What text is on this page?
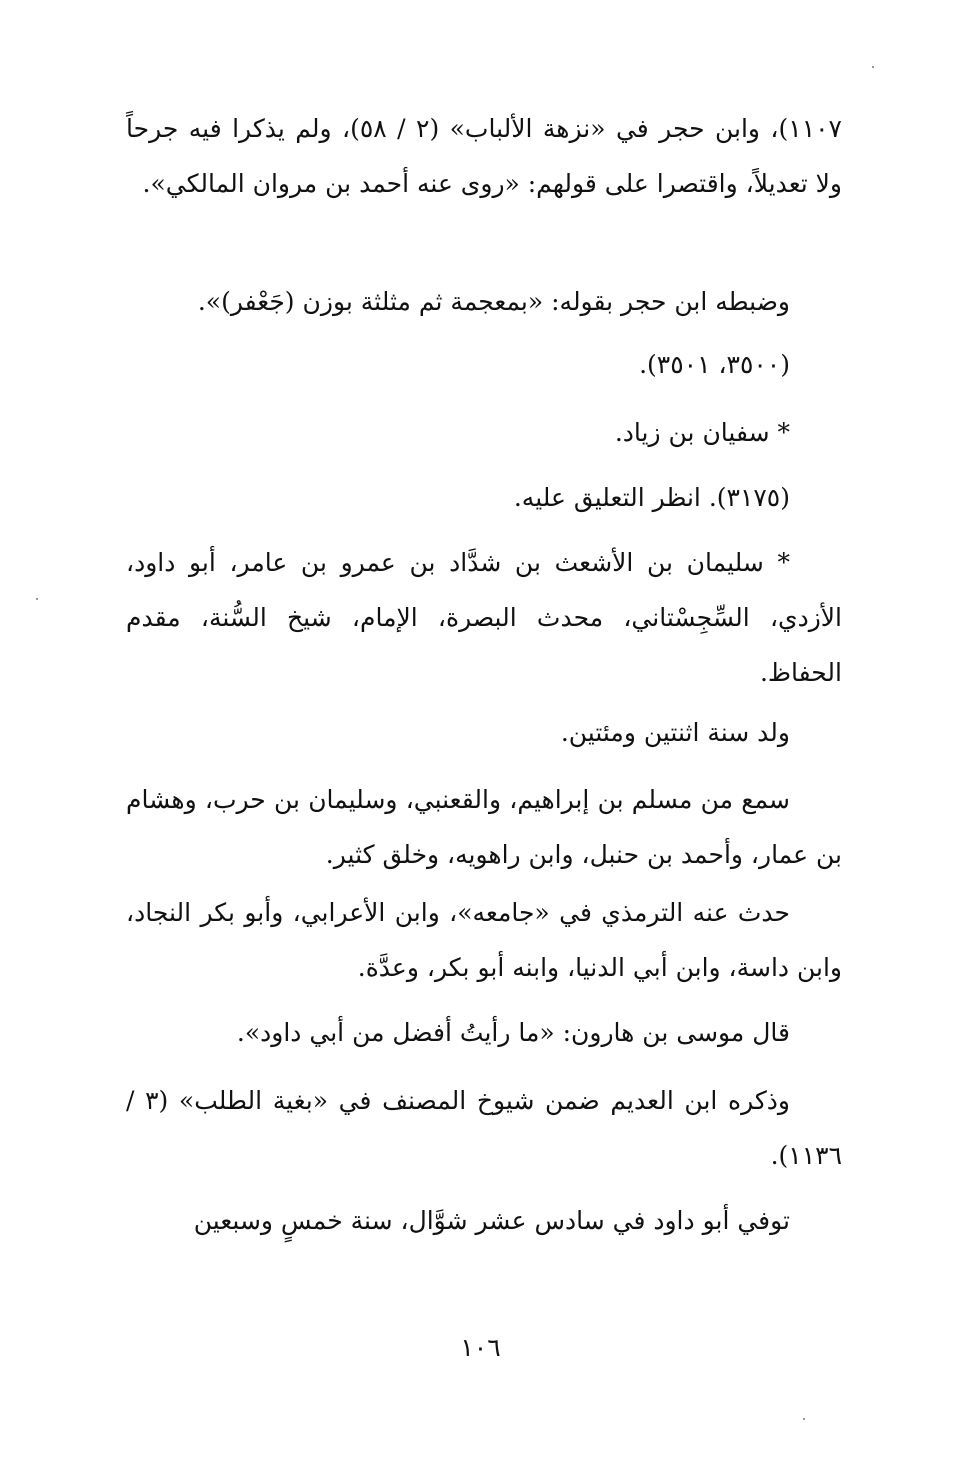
١١٠٧)، وابن حجر في «نزهة الألباب» (٢ / ٥٨)، ولم يذكرا فيه جرحاً ولا تعديلاً، واقتصرا على قولهم: «روى عنه أحمد بن مروان المالكي».

وضبطه ابن حجر بقوله: «بمعجمة ثم مثلثة بوزن (جَعْفر)».

(٣٥٠٠، ٣٥٠١).

* سفيان بن زياد.

(٣١٧٥). انظر التعليق عليه.

* سليمان بن الأشعث بن شدَّاد بن عمرو بن عامر، أبو داود، الأزدي، السِّجِسْتاني، محدث البصرة، الإمام، شيخ السُّنة، مقدم الحفاظ.

ولد سنة اثنتين ومئتين.

سمع من مسلم بن إبراهيم، والقعنبي، وسليمان بن حرب، وهشام بن عمار، وأحمد بن حنبل، وابن راهويه، وخلق كثير.

حدث عنه الترمذي في «جامعه»، وابن الأعرابي، وأبو بكر النجاد، وابن داسة، وابن أبي الدنيا، وابنه أبو بكر، وعدَّة.

قال موسى بن هارون: «ما رأيتُ أفضل من أبي داود».

وذكره ابن العديم ضمن شيوخ المصنف في «بغية الطلب» (٣ / ١١٣٦).

توفي أبو داود في سادس عشر شوَّال، سنة خمسٍ وسبعين

١٠٦
